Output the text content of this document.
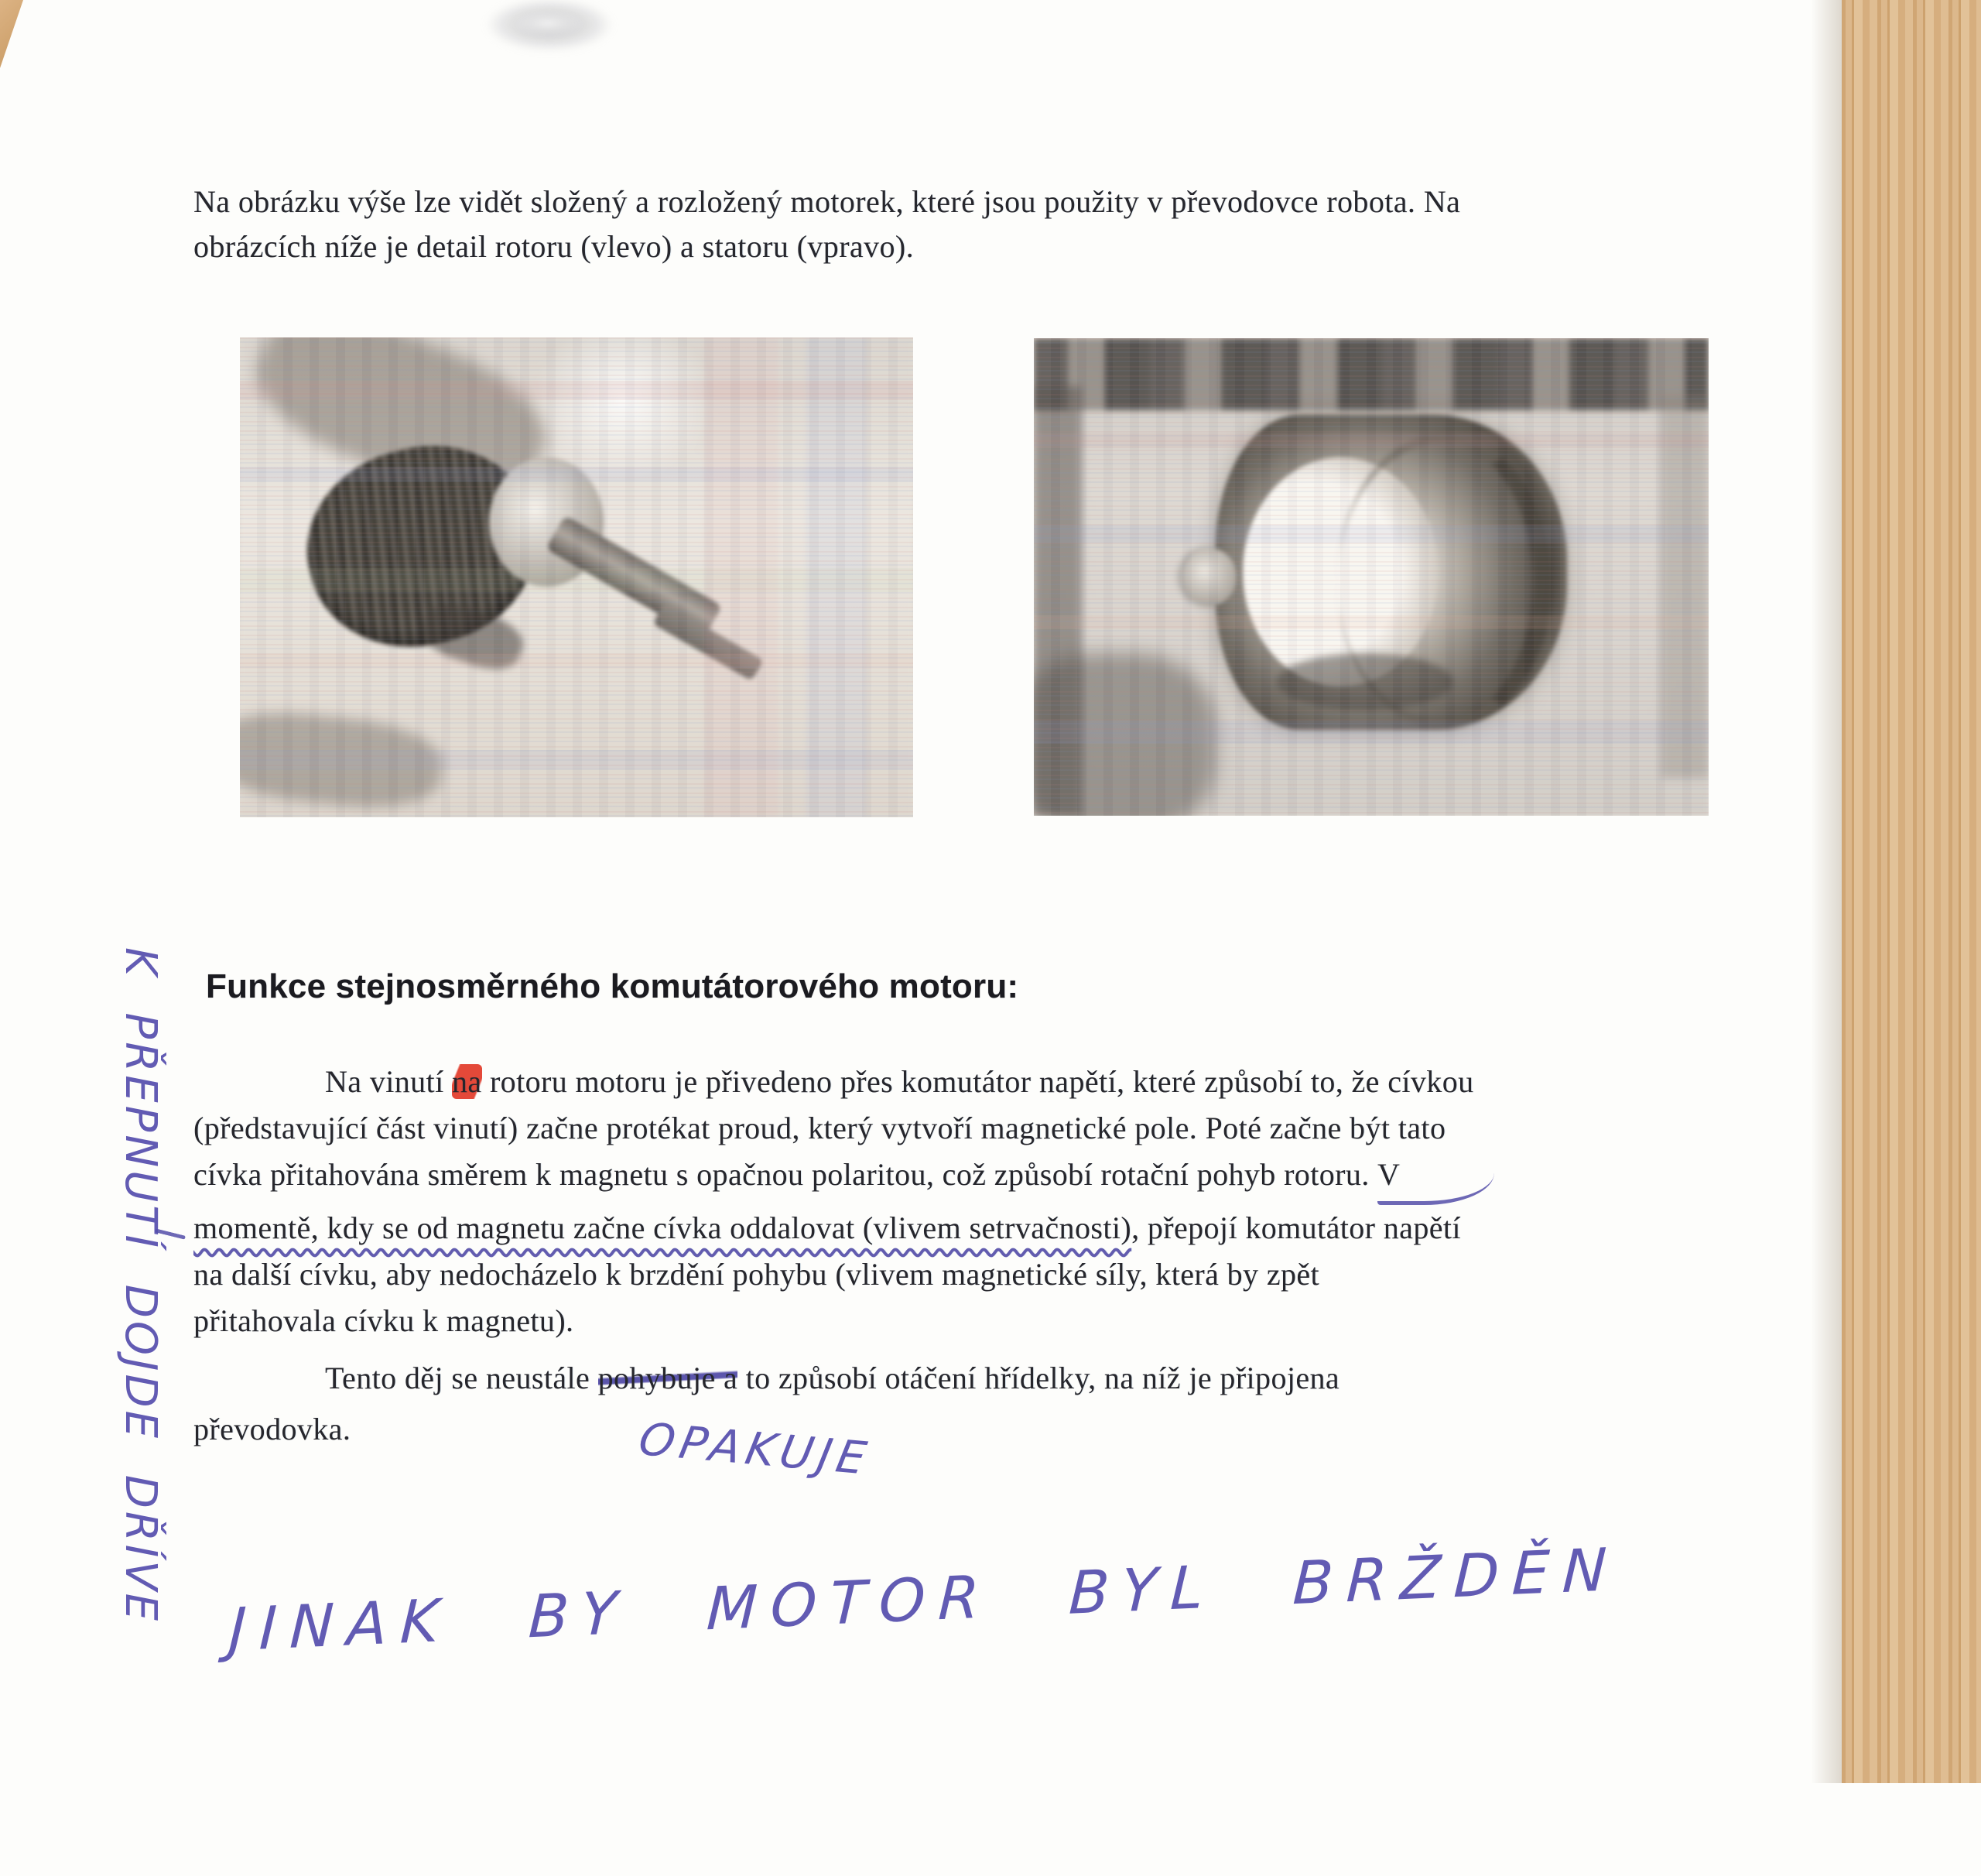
Na obrázku výše lze vidět složený a rozložený motorek, které jsou použity v převodovce robota. Na
obrázcích níže je detail rotoru (vlevo) a statoru (vpravo).
Funkce stejnosměrného komutátorového motoru:
Na vinutí na rotoru motoru je přivedeno přes komutátor napětí, které způsobí to, že cívkou
(představující část vinutí) začne protékat proud, který vytvoří magnetické pole. Poté začne být tato
cívka přitahována směrem k magnetu s opačnou polaritou, což způsobí rotační pohyb rotoru. V
momentě, kdy se od magnetu začne cívka oddalovat (vlivem setrvačnosti), přepojí komutátor napětí
na další cívku, aby nedocházelo k brzdění pohybu (vlivem magnetické síly, která by zpět
přitahovala cívku k magnetu).
Tento děj se neustále pohybuje a to způsobí otáčení hřídelky, na níž je připojena
převodovka.	OPAKUJE
JINAK BY MOTOR BYL BRŽDĚN
K PŘEPNUTÍ DOJDE DŘÍVE
